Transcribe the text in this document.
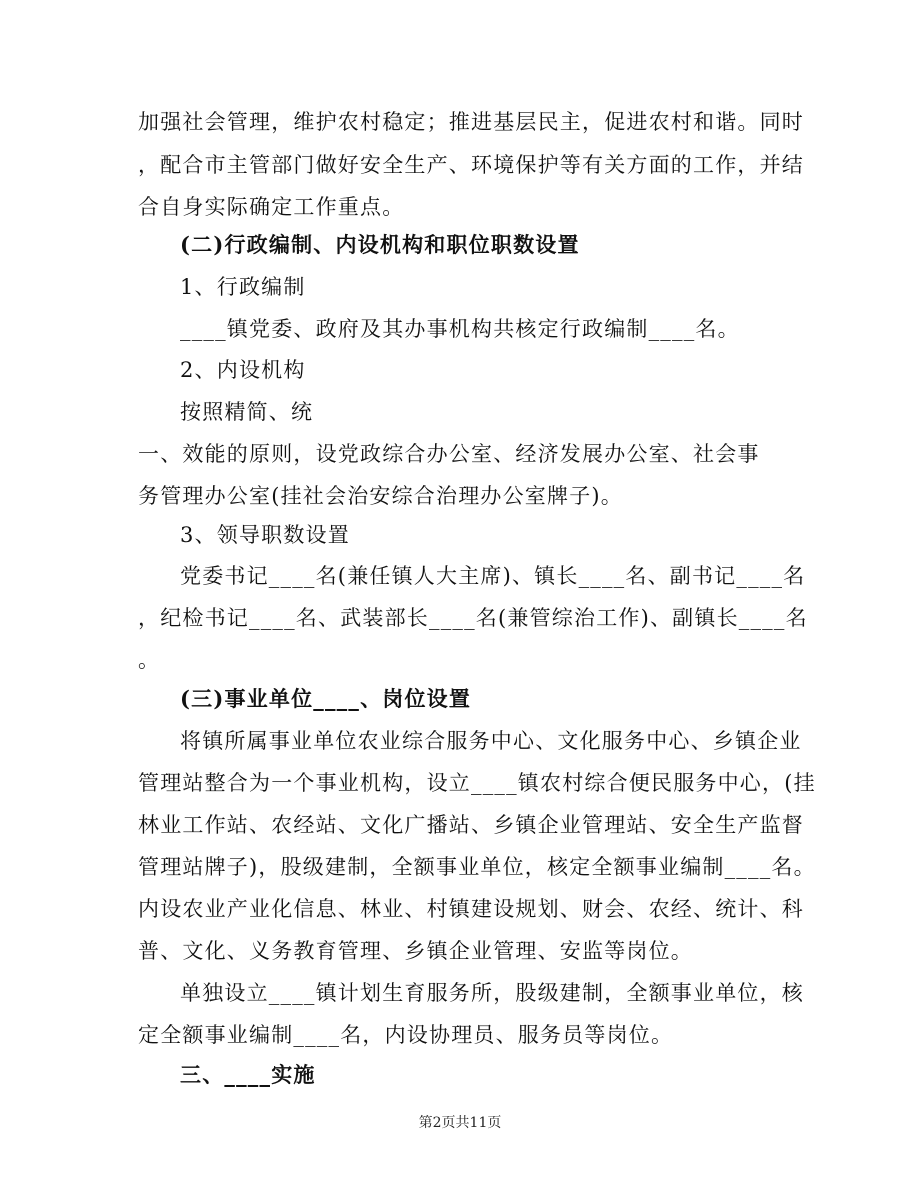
加强社会管理，维护农村稳定；推进基层民主，促进农村和谐。同时
，配合市主管部门做好安全生产、环境保护等有关方面的工作，并结
合自身实际确定工作重点。
(二)行政编制、内设机构和职位职数设置
1、行政编制
____镇党委、政府及其办事机构共核定行政编制____名。
2、内设机构
按照精简、统
一、效能的原则，设党政综合办公室、经济发展办公室、社会事
务管理办公室(挂社会治安综合治理办公室牌子)。
3、领导职数设置
党委书记____名(兼任镇人大主席)、镇长____名、副书记____名
，纪检书记____名、武装部长____名(兼管综治工作)、副镇长____名
。
(三)事业单位____、岗位设置
将镇所属事业单位农业综合服务中心、文化服务中心、乡镇企业
管理站整合为一个事业机构，设立____镇农村综合便民服务中心，(挂
林业工作站、农经站、文化广播站、乡镇企业管理站、安全生产监督
管理站牌子)，股级建制，全额事业单位，核定全额事业编制____名。
内设农业产业化信息、林业、村镇建设规划、财会、农经、统计、科
普、文化、义务教育管理、乡镇企业管理、安监等岗位。
单独设立____镇计划生育服务所，股级建制，全额事业单位，核
定全额事业编制____名，内设协理员、服务员等岗位。
三、____实施
第2页共11页
